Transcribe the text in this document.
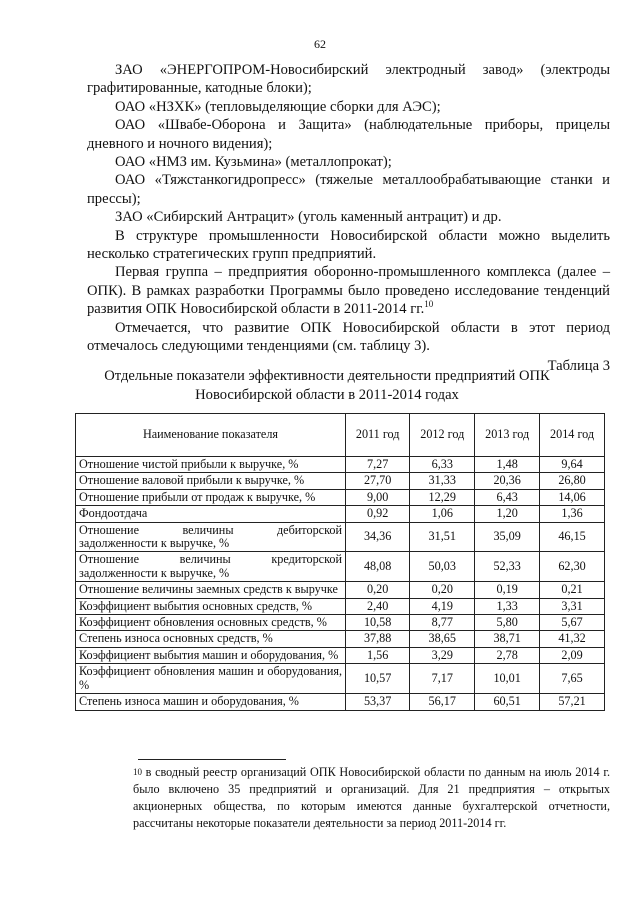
62

ЗАО «ЭНЕРГОПРОМ-Новосибирский электродный завод» (электроды графитированные, катодные блоки);

ОАО «НЗХК» (тепловыделяющие сборки для АЭС);

ОАО «Швабе-Оборона и Защита» (наблюдательные приборы, прицелы дневного и ночного видения);

ОАО «НМЗ им. Кузьмина» (металлопрокат);

ОАО «Тяжстанкогидропресс» (тяжелые металлообрабатывающие станки и прессы);

ЗАО «Сибирский Антрацит» (уголь каменный антрацит) и др.

В структуре промышленности Новосибирской области можно выделить несколько стратегических групп предприятий.

Первая группа – предприятия оборонно-промышленного комплекса (далее – ОПК). В рамках разработки Программы было проведено исследование тенденций развития ОПК Новосибирской области в 2011-2014 гг.$^{10}$

Отмечается, что развитие ОПК Новосибирской области в этот период отмечалось следующими тенденциями (см. таблицу 3).

Таблица 3

Отдельные показатели эффективности деятельности предприятий ОПК
Новосибирской области в 2011-2014 годах
Наименование показателя	2011 год	2012 год	2013 год	2014 год
Отношение чистой прибыли к выручке, %	7,27	6,33	1,48	9,64
Отношение валовой прибыли к выручке, %	27,70	31,33	20,36	26,80
Отношение прибыли от продаж к выручке, %	9,00	12,29	6,43	14,06
Фондоотдача	0,92	1,06	1,20	1,36
Отношение величины дебиторской задолженности к выручке, %	34,36	31,51	35,09	46,15
Отношение величины кредиторской задолженности к выручке, %	48,08	50,03	52,33	62,30
Отношение величины заемных средств к выручке	0,20	0,20	0,19	0,21
Коэффициент выбытия основных средств, %	2,40	4,19	1,33	3,31
Коэффициент обновления основных средств, %	10,58	8,77	5,80	5,67
Степень износа основных средств, %	37,88	38,65	38,71	41,32
Коэффициент выбытия машин и оборудования, %	1,56	3,29	2,78	2,09
Коэффициент обновления машин и оборудования, %	10,57	7,17	10,01	7,65
Степень износа машин и оборудования, %	53,37	56,17	60,51	57,21
$^{10}$ в сводный реестр организаций ОПК Новосибирской области по данным на июль 2014 г. было включено 35 предприятий и организаций. Для 21 предприятия – открытых акционерных общества, по которым имеются данные бухгалтерской отчетности, рассчитаны некоторые показатели деятельности за период 2011-2014 гг.
